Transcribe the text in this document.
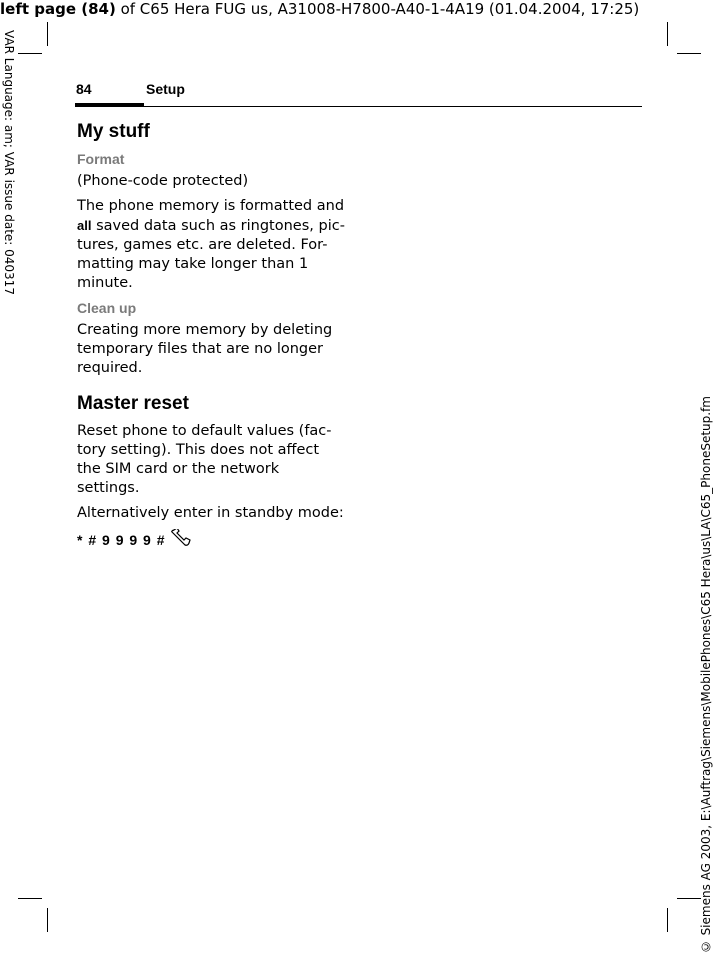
left page (84) of C65 Hera FUG us, A31008-H7800-A40-1-4A19 (01.04.2004, 17:25)
VAR Language: am; VAR issue date: 040317
© Siemens AG 2003, E:\Auftrag\Siemens\MobilePhones\C65 Hera\us\LA\C65_PhoneSetup.fm
84	Setup
My stuff
Format
(Phone-code protected)
The phone memory is formatted and all saved data such as ringtones, pic-tures, games etc. are deleted. For-matting may take longer than 1 minute.
Clean up
Creating more memory by deleting temporary files that are no longer required.
Master reset
Reset phone to default values (fac-tory setting). This does not affect the SIM card or the network settings.
Alternatively enter in standby mode:
* # 9 9 9 9 #
